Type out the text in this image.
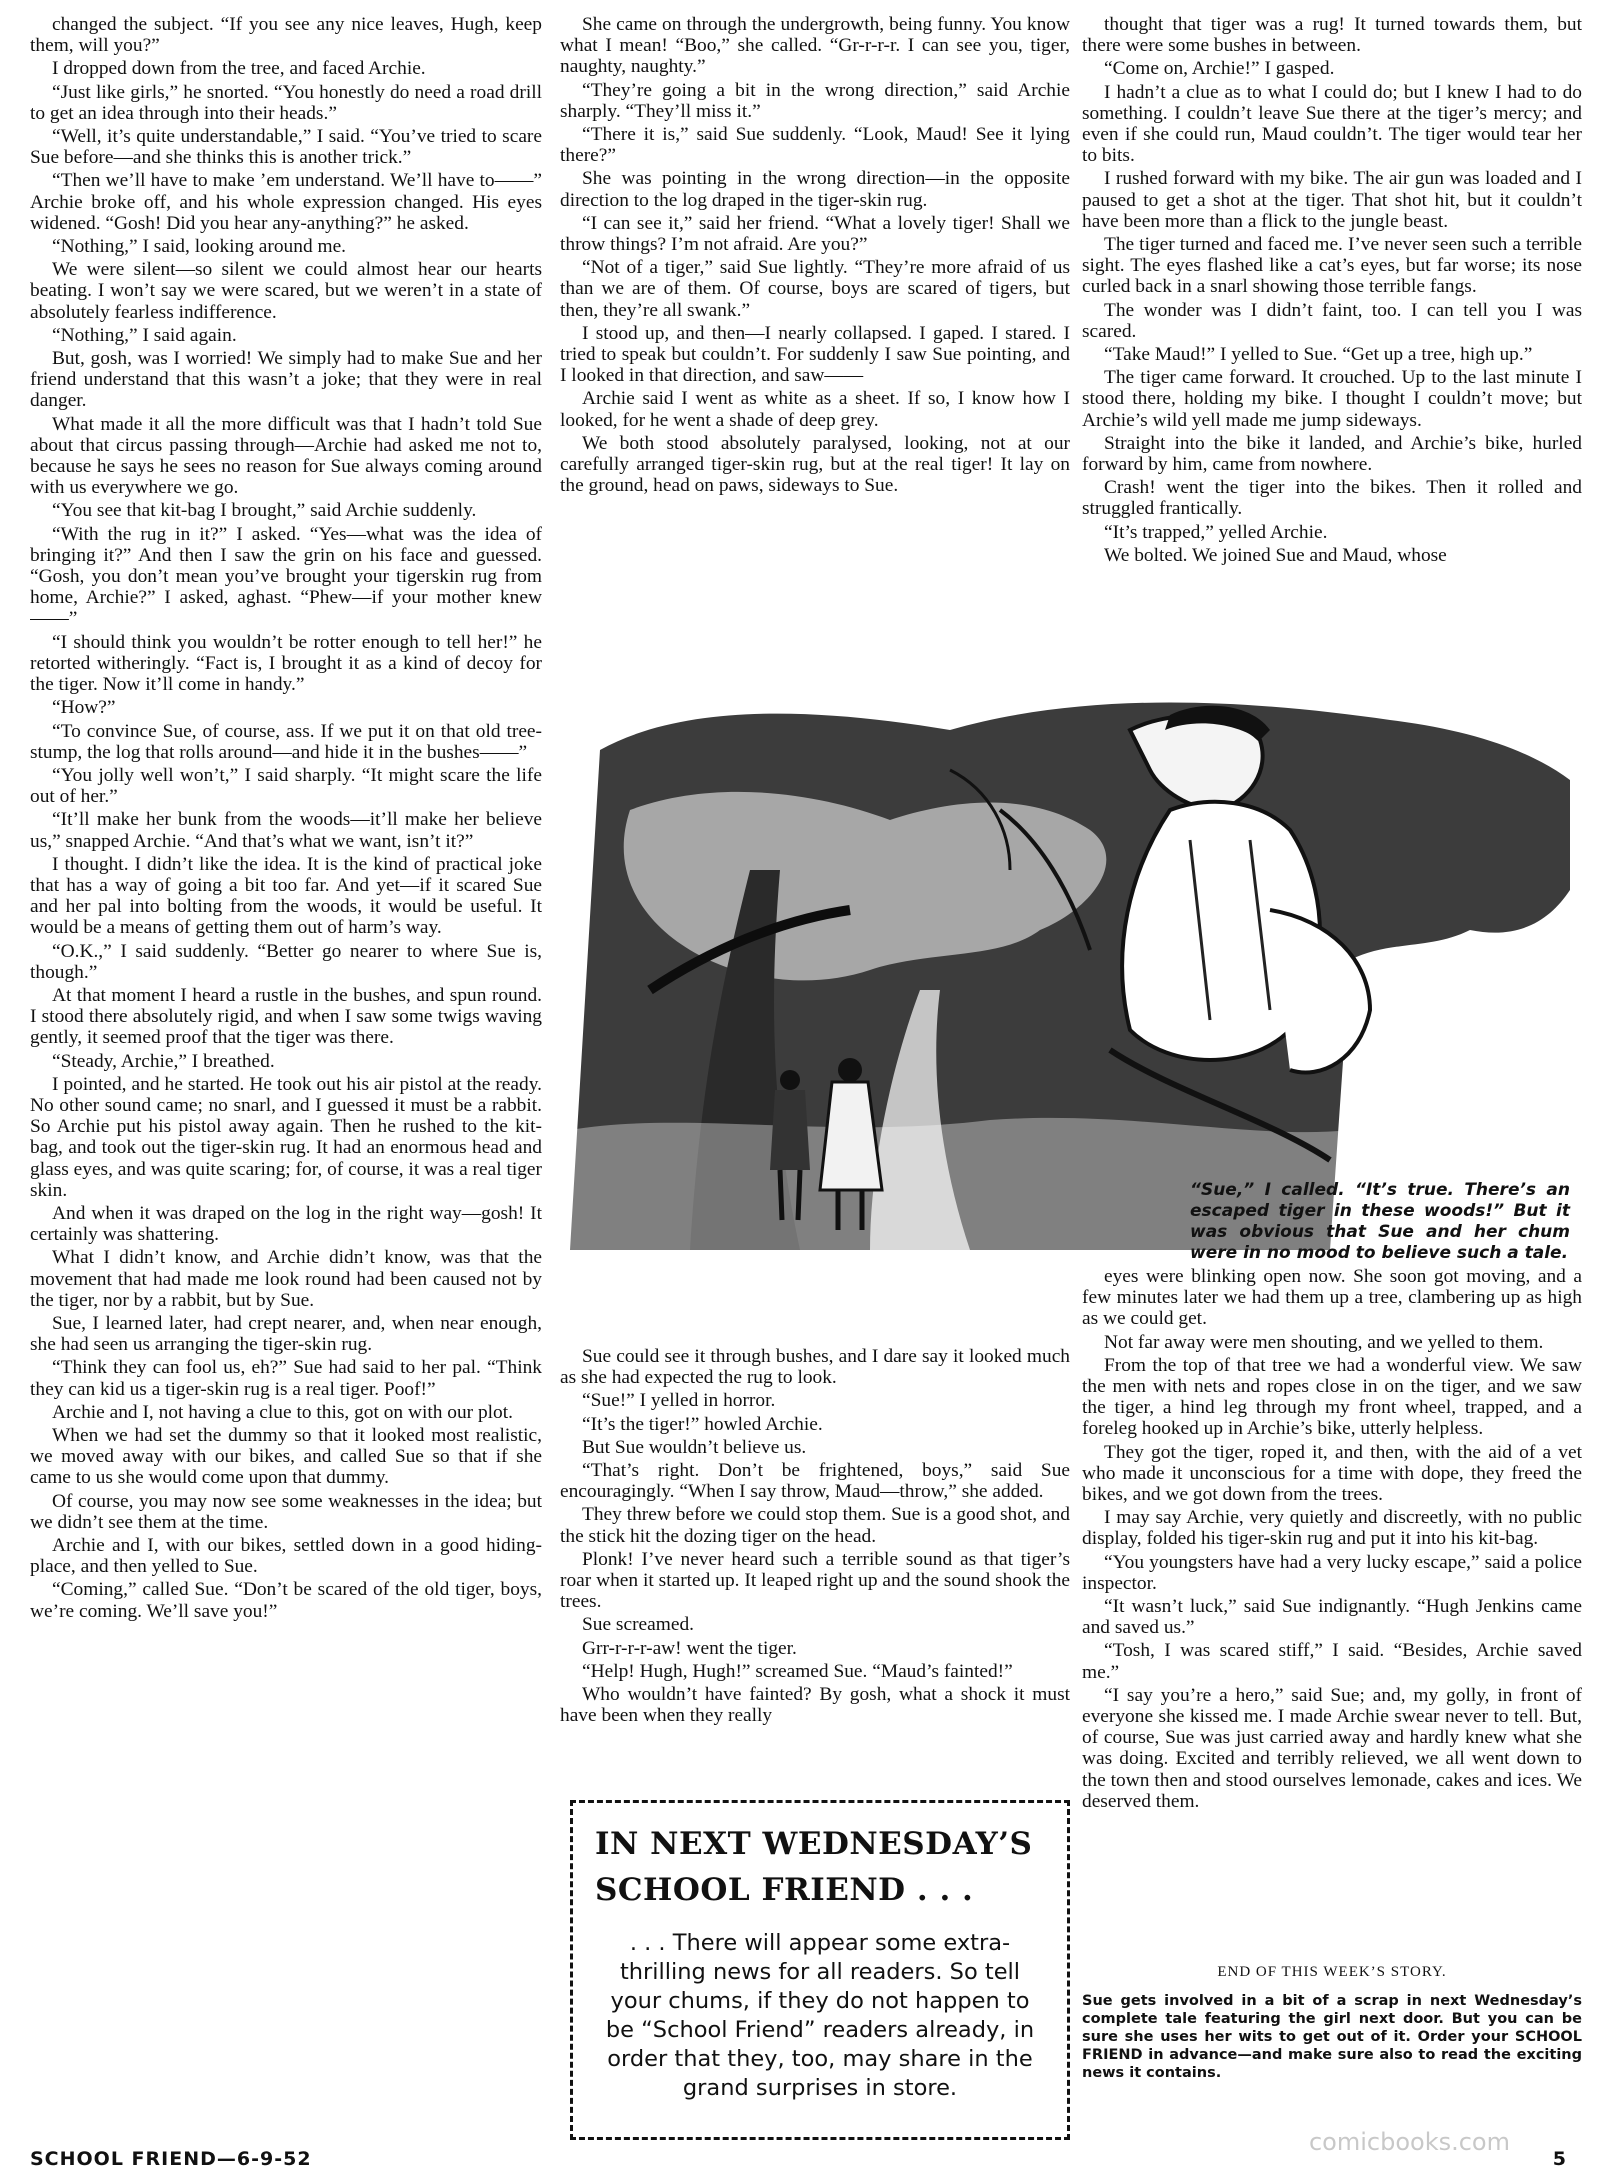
changed the subject. “If you see any nice leaves, Hugh, keep them, will you?”

I dropped down from the tree, and faced Archie.

“Just like girls,” he snorted. “You honestly do need a road drill to get an idea through into their heads.”

“Well, it’s quite understandable,” I said. “You’ve tried to scare Sue before—and she thinks this is another trick.”

“Then we’ll have to make ’em understand. We’ll have to——” Archie broke off, and his whole expression changed. His eyes widened. “Gosh! Did you hear any-anything?” he asked.

“Nothing,” I said, looking around me.

We were silent—so silent we could almost hear our hearts beating. I won’t say we were scared, but we weren’t in a state of absolutely fearless indifference.

“Nothing,” I said again.

But, gosh, was I worried! We simply had to make Sue and her friend understand that this wasn’t a joke; that they were in real danger.

What made it all the more difficult was that I hadn’t told Sue about that circus passing through—Archie had asked me not to, because he says he sees no reason for Sue always coming around with us everywhere we go.

“You see that kit-bag I brought,” said Archie suddenly.

“With the rug in it?” I asked. “Yes—what was the idea of bringing it?” And then I saw the grin on his face and guessed. “Gosh, you don’t mean you’ve brought your tigerskin rug from home, Archie?” I asked, aghast. “Phew—if your mother knew——”

“I should think you wouldn’t be rotter enough to tell her!” he retorted witheringly. “Fact is, I brought it as a kind of decoy for the tiger. Now it’ll come in handy.”

“How?”

“To convince Sue, of course, ass. If we put it on that old tree-stump, the log that rolls around—and hide it in the bushes——”

“You jolly well won’t,” I said sharply. “It might scare the life out of her.”

“It’ll make her bunk from the woods—it’ll make her believe us,” snapped Archie. “And that’s what we want, isn’t it?”

I thought. I didn’t like the idea. It is the kind of practical joke that has a way of going a bit too far. And yet—if it scared Sue and her pal into bolting from the woods, it would be useful. It would be a means of getting them out of harm’s way.

“O.K.,” I said suddenly. “Better go nearer to where Sue is, though.”

At that moment I heard a rustle in the bushes, and spun round. I stood there absolutely rigid, and when I saw some twigs waving gently, it seemed proof that the tiger was there.

“Steady, Archie,” I breathed.

I pointed, and he started. He took out his air pistol at the ready. No other sound came; no snarl, and I guessed it must be a rabbit. So Archie put his pistol away again. Then he rushed to the kit-bag, and took out the tiger-skin rug. It had an enormous head and glass eyes, and was quite scaring; for, of course, it was a real tiger skin.

And when it was draped on the log in the right way—gosh! It certainly was shattering.

What I didn’t know, and Archie didn’t know, was that the movement that had made me look round had been caused not by the tiger, nor by a rabbit, but by Sue.

Sue, I learned later, had crept nearer, and, when near enough, she had seen us arranging the tiger-skin rug.

“Think they can fool us, eh?” Sue had said to her pal. “Think they can kid us a tiger-skin rug is a real tiger. Poof!”

Archie and I, not having a clue to this, got on with our plot.

When we had set the dummy so that it looked most realistic, we moved away with our bikes, and called Sue so that if she came to us she would come upon that dummy.

Of course, you may now see some weaknesses in the idea; but we didn’t see them at the time.

Archie and I, with our bikes, settled down in a good hiding-place, and then yelled to Sue.

“Coming,” called Sue. “Don’t be scared of the old tiger, boys, we’re coming. We’ll save you!”

She came on through the undergrowth, being funny. You know what I mean! “Boo,” she called. “Gr-r-r-r. I can see you, tiger, naughty, naughty.”

“They’re going a bit in the wrong direction,” said Archie sharply. “They’ll miss it.”

“There it is,” said Sue suddenly. “Look, Maud! See it lying there?”

She was pointing in the wrong direction—in the opposite direction to the log draped in the tiger-skin rug.

“I can see it,” said her friend. “What a lovely tiger! Shall we throw things? I’m not afraid. Are you?”

“Not of a tiger,” said Sue lightly. “They’re more afraid of us than we are of them. Of course, boys are scared of tigers, but then, they’re all swank.”

I stood up, and then—I nearly collapsed. I gaped. I stared. I tried to speak but couldn’t. For suddenly I saw Sue pointing, and I looked in that direction, and saw——

Archie said I went as white as a sheet. If so, I know how I looked, for he went a shade of deep grey.

We both stood absolutely paralysed, looking, not at our carefully arranged tiger-skin rug, but at the real tiger! It lay on the ground, head on paws, sideways to Sue.

thought that tiger was a rug! It turned towards them, but there were some bushes in between.

“Come on, Archie!” I gasped.

I hadn’t a clue as to what I could do; but I knew I had to do something. I couldn’t leave Sue there at the tiger’s mercy; and even if she could run, Maud couldn’t. The tiger would tear her to bits.

I rushed forward with my bike. The air gun was loaded and I paused to get a shot at the tiger. That shot hit, but it couldn’t have been more than a flick to the jungle beast.

The tiger turned and faced me. I’ve never seen such a terrible sight. The eyes flashed like a cat’s eyes, but far worse; its nose curled back in a snarl showing those terrible fangs.

The wonder was I didn’t faint, too. I can tell you I was scared.

“Take Maud!” I yelled to Sue. “Get up a tree, high up.”

The tiger came forward. It crouched. Up to the last minute I stood there, holding my bike. I thought I couldn’t move; but Archie’s wild yell made me jump sideways.

Straight into the bike it landed, and Archie’s bike, hurled forward by him, came from nowhere.

Crash! went the tiger into the bikes. Then it rolled and struggled frantically.

“It’s trapped,” yelled Archie.

We bolted. We joined Sue and Maud, whose

“Sue,” I called. “It’s true. There’s an escaped tiger in these woods!” But it was obvious that Sue and her chum were in no mood to believe such a tale.

Sue could see it through bushes, and I dare say it looked much as she had expected the rug to look.

“Sue!” I yelled in horror.

“It’s the tiger!” howled Archie.

But Sue wouldn’t believe us.

“That’s right. Don’t be frightened, boys,” said Sue encouragingly. “When I say throw, Maud—throw,” she added.

They threw before we could stop them. Sue is a good shot, and the stick hit the dozing tiger on the head.

Plonk! I’ve never heard such a terrible sound as that tiger’s roar when it started up. It leaped right up and the sound shook the trees.

Sue screamed.

Grr-r-r-r-aw! went the tiger.

“Help! Hugh, Hugh!” screamed Sue. “Maud’s fainted!”

Who wouldn’t have fainted? By gosh, what a shock it must have been when they really

IN NEXT WEDNESDAY’S
SCHOOL FRIEND . . .
. . . There will appear some extra-thrilling news for all readers. So tell your chums, if they do not happen to be “School Friend” readers already, in order that they, too, may share in the grand surprises in store.

eyes were blinking open now. She soon got moving, and a few minutes later we had them up a tree, clambering up as high as we could get.

Not far away were men shouting, and we yelled to them.

From the top of that tree we had a wonderful view. We saw the men with nets and ropes close in on the tiger, and we saw the tiger, a hind leg through my front wheel, trapped, and a foreleg hooked up in Archie’s bike, utterly helpless.

They got the tiger, roped it, and then, with the aid of a vet who made it unconscious for a time with dope, they freed the bikes, and we got down from the trees.

I may say Archie, very quietly and discreetly, with no public display, folded his tiger-skin rug and put it into his kit-bag.

“You youngsters have had a very lucky escape,” said a police inspector.

“It wasn’t luck,” said Sue indignantly. “Hugh Jenkins came and saved us.”

“Tosh, I was scared stiff,” I said. “Besides, Archie saved me.”

“I say you’re a hero,” said Sue; and, my golly, in front of everyone she kissed me. I made Archie swear never to tell. But, of course, Sue was just carried away and hardly knew what she was doing. Excited and terribly relieved, we all went down to the town then and stood ourselves lemonade, cakes and ices. We deserved them.

END OF THIS WEEK’S STORY.
Sue gets involved in a bit of a scrap in next Wednesday’s complete tale featuring the girl next door. But you can be sure she uses her wits to get out of it. Order your SCHOOL FRIEND in advance—and make sure also to read the exciting news it contains.
comicbooks.com
SCHOOL FRIEND—6-9-52	5
